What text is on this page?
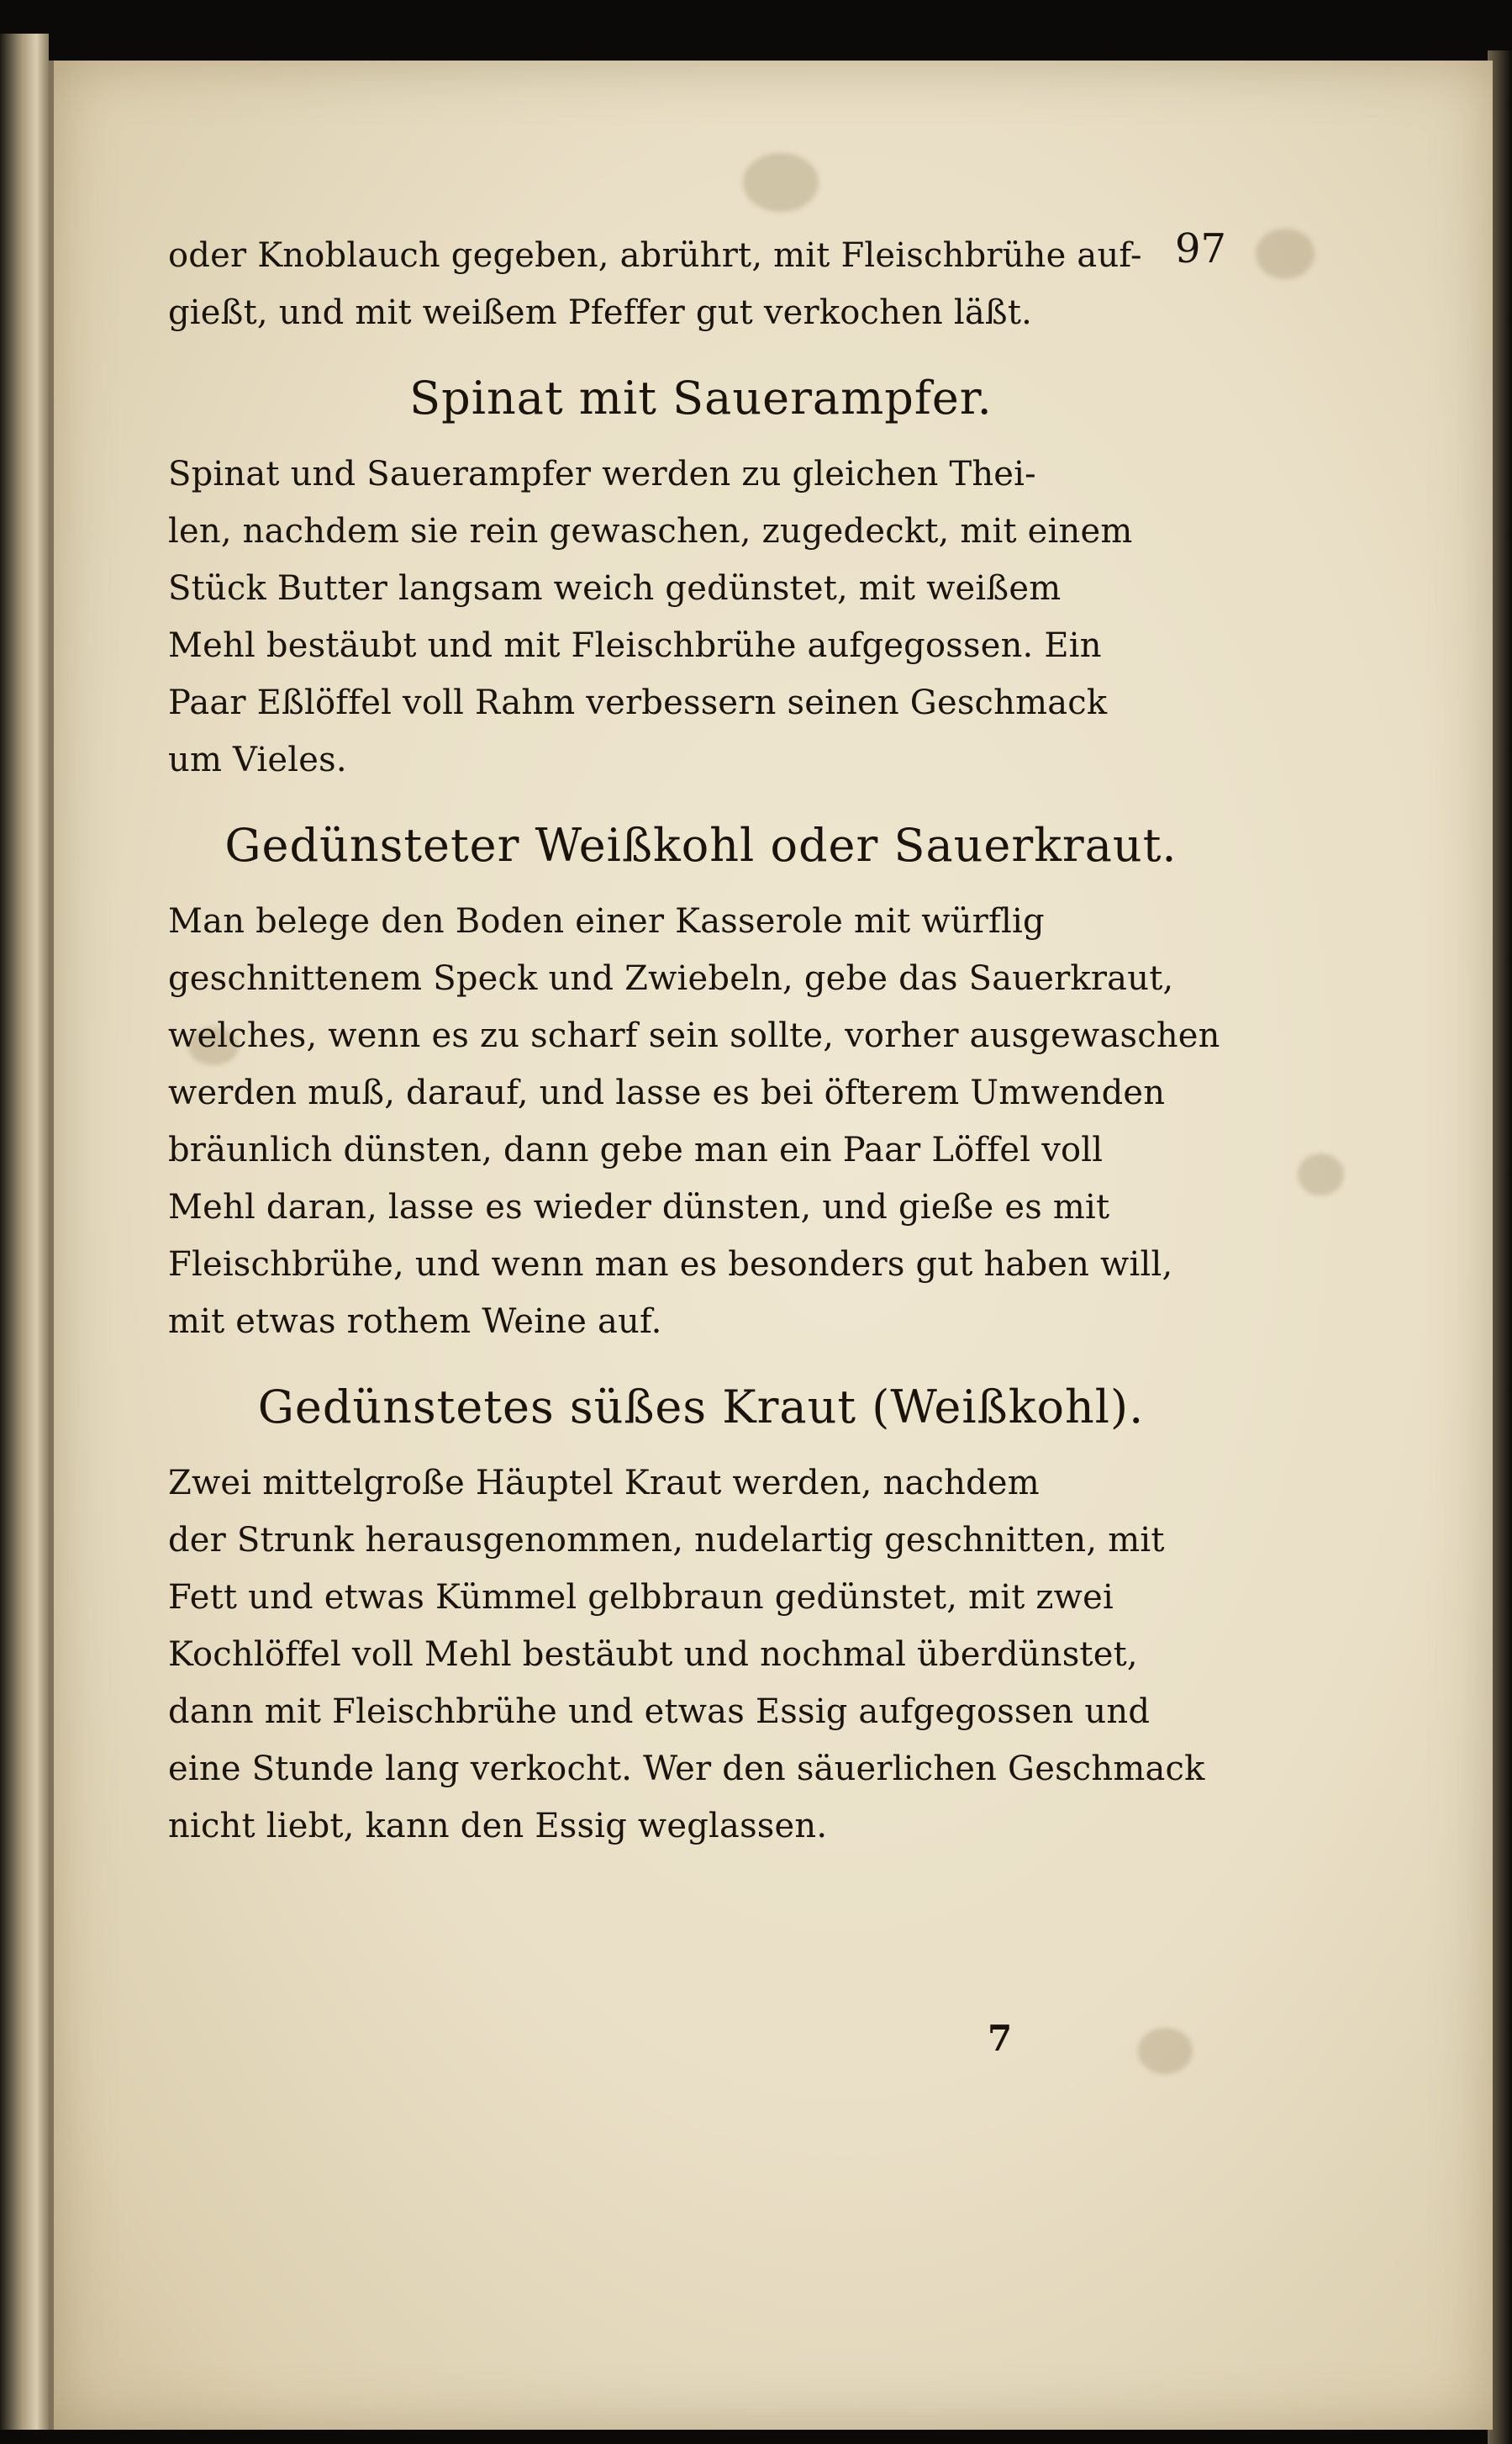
97
oder Knoblauch gegeben, abrührt, mit Fleischbrühe auf-
gießt, und mit weißem Pfeffer gut verkochen läßt.
Spinat mit Sauerampfer.
Spinat und Sauerampfer werden zu gleichen Thei-
len, nachdem sie rein gewaschen, zugedeckt, mit einem
Stück Butter langsam weich gedünstet, mit weißem
Mehl bestäubt und mit Fleischbrühe aufgegossen. Ein
Paar Eßlöffel voll Rahm verbessern seinen Geschmack
um Vieles.
Gedünsteter Weißkohl oder Sauerkraut.
Man belege den Boden einer Kasserole mit würflig
geschnittenem Speck und Zwiebeln, gebe das Sauerkraut,
welches, wenn es zu scharf sein sollte, vorher ausgewaschen
werden muß, darauf, und lasse es bei öfterem Umwenden
bräunlich dünsten, dann gebe man ein Paar Löffel voll
Mehl daran, lasse es wieder dünsten, und gieße es mit
Fleischbrühe, und wenn man es besonders gut haben will,
mit etwas rothem Weine auf.
Gedünstetes süßes Kraut (Weißkohl).
Zwei mittelgroße Häuptel Kraut werden, nachdem
der Strunk herausgenommen, nudelartig geschnitten, mit
Fett und etwas Kümmel gelbbraun gedünstet, mit zwei
Kochlöffel voll Mehl bestäubt und nochmal überdünstet,
dann mit Fleischbrühe und etwas Essig aufgegossen und
eine Stunde lang verkocht. Wer den säuerlichen Geschmack
nicht liebt, kann den Essig weglassen.
7
